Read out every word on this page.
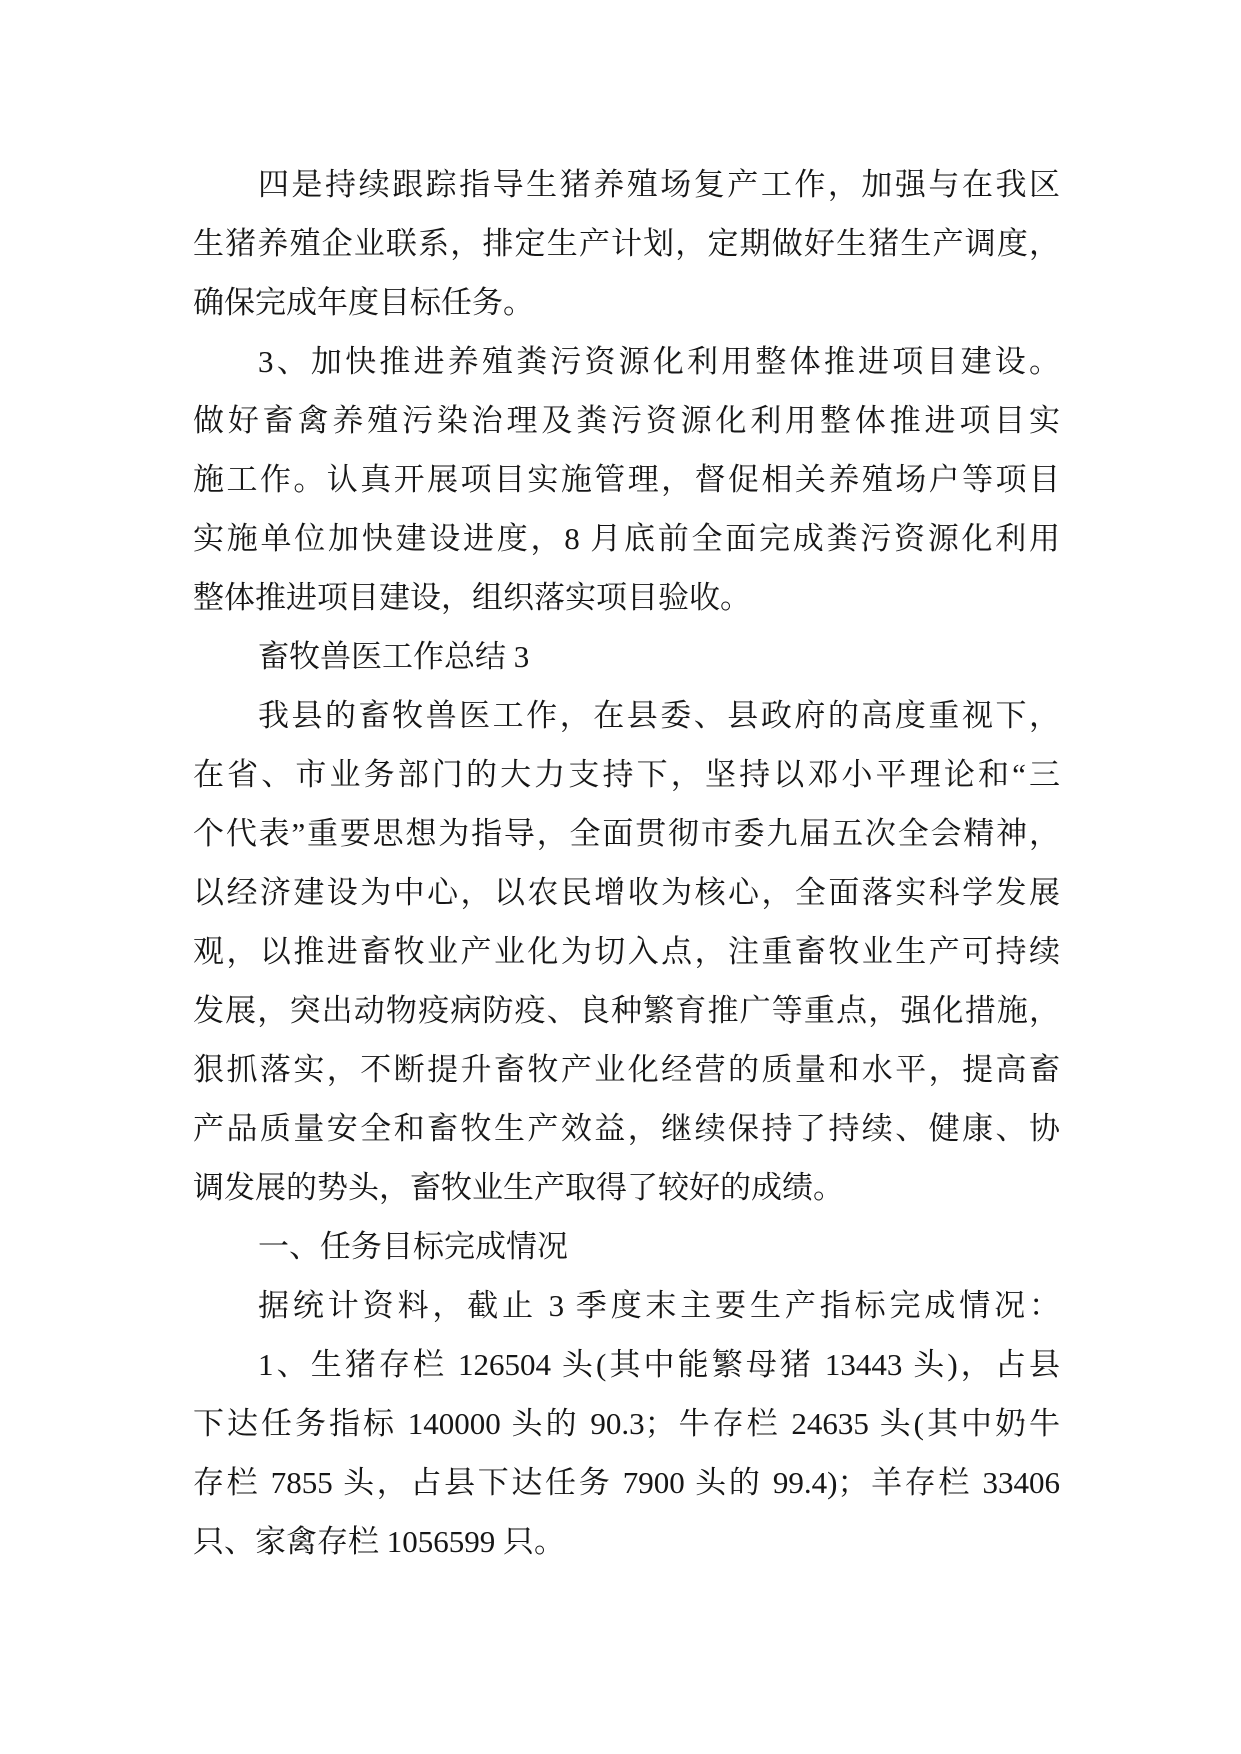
四是持续跟踪指导生猪养殖场复产工作，加强与在我区
生猪养殖企业联系，排定生产计划，定期做好生猪生产调度，
确保完成年度目标任务。
3、加快推进养殖粪污资源化利用整体推进项目建设。
做好畜禽养殖污染治理及粪污资源化利用整体推进项目实
施工作。认真开展项目实施管理，督促相关养殖场户等项目
实施单位加快建设进度，8 月底前全面完成粪污资源化利用
整体推进项目建设，组织落实项目验收。
畜牧兽医工作总结 3
我县的畜牧兽医工作，在县委、县政府的高度重视下，
在省、市业务部门的大力支持下，坚持以邓小平理论和“三
个代表”重要思想为指导，全面贯彻市委九届五次全会精神，
以经济建设为中心，以农民增收为核心，全面落实科学发展
观，以推进畜牧业产业化为切入点，注重畜牧业生产可持续
发展，突出动物疫病防疫、良种繁育推广等重点，强化措施，
狠抓落实，不断提升畜牧产业化经营的质量和水平，提高畜
产品质量安全和畜牧生产效益，继续保持了持续、健康、协
调发展的势头，畜牧业生产取得了较好的成绩。
一、任务目标完成情况
据统计资料，截止 3 季度末主要生产指标完成情况：
1、生猪存栏 126504 头(其中能繁母猪 13443 头)，占县
下达任务指标 140000 头的 90.3；牛存栏 24635 头(其中奶牛
存栏 7855 头，占县下达任务 7900 头的 99.4)；羊存栏 33406
只、家禽存栏 1056599 只。
